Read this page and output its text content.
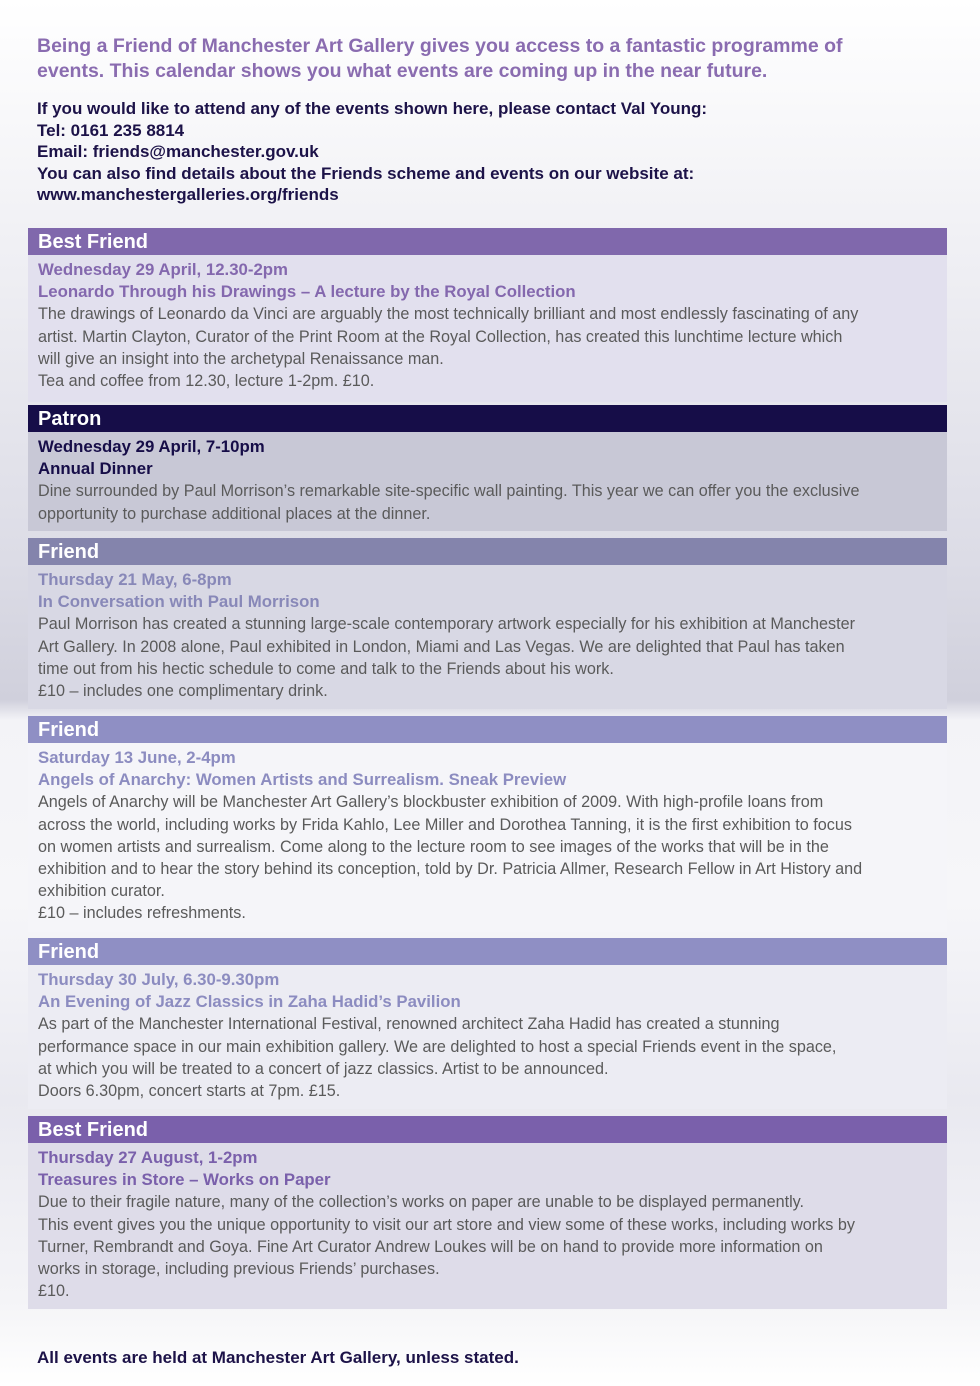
Being a Friend of Manchester Art Gallery gives you access to a fantastic programme of
events. This calendar shows you what events are coming up in the near future.
If you would like to attend any of the events shown here, please contact Val Young:
Tel: 0161 235 8814
Email: friends@manchester.gov.uk
You can also find details about the Friends scheme and events on our website at:
www.manchestergalleries.org/friends
Best Friend
Wednesday 29 April, 12.30-2pm
Leonardo Through his Drawings – A lecture by the Royal Collection
The drawings of Leonardo da Vinci are arguably the most technically brilliant and most endlessly fascinating of any
artist. Martin Clayton, Curator of the Print Room at the Royal Collection, has created this lunchtime lecture which
will give an insight into the archetypal Renaissance man.
Tea and coffee from 12.30, lecture 1-2pm. £10.
Patron
Wednesday 29 April, 7-10pm
Annual Dinner
Dine surrounded by Paul Morrison’s remarkable site-specific wall painting. This year we can offer you the exclusive
opportunity to purchase additional places at the dinner.
Friend
Thursday 21 May, 6-8pm
In Conversation with Paul Morrison
Paul Morrison has created a stunning large-scale contemporary artwork especially for his exhibition at Manchester
Art Gallery. In 2008 alone, Paul exhibited in London, Miami and Las Vegas. We are delighted that Paul has taken
time out from his hectic schedule to come and talk to the Friends about his work.
£10 – includes one complimentary drink.
Friend
Saturday 13 June, 2-4pm
Angels of Anarchy: Women Artists and Surrealism. Sneak Preview
Angels of Anarchy will be Manchester Art Gallery’s blockbuster exhibition of 2009. With high-profile loans from
across the world, including works by Frida Kahlo, Lee Miller and Dorothea Tanning, it is the first exhibition to focus
on women artists and surrealism. Come along to the lecture room to see images of the works that will be in the
exhibition and to hear the story behind its conception, told by Dr. Patricia Allmer, Research Fellow in Art History and
exhibition curator.
£10 – includes refreshments.
Friend
Thursday 30 July, 6.30-9.30pm
An Evening of Jazz Classics in Zaha Hadid’s Pavilion
As part of the Manchester International Festival, renowned architect Zaha Hadid has created a stunning
performance space in our main exhibition gallery. We are delighted to host a special Friends event in the space,
at which you will be treated to a concert of jazz classics. Artist to be announced.
Doors 6.30pm, concert starts at 7pm. £15.
Best Friend
Thursday 27 August, 1-2pm
Treasures in Store – Works on Paper
Due to their fragile nature, many of the collection’s works on paper are unable to be displayed permanently.
This event gives you the unique opportunity to visit our art store and view some of these works, including works by
Turner, Rembrandt and Goya. Fine Art Curator Andrew Loukes will be on hand to provide more information on
works in storage, including previous Friends’ purchases.
£10.
All events are held at Manchester Art Gallery, unless stated.
